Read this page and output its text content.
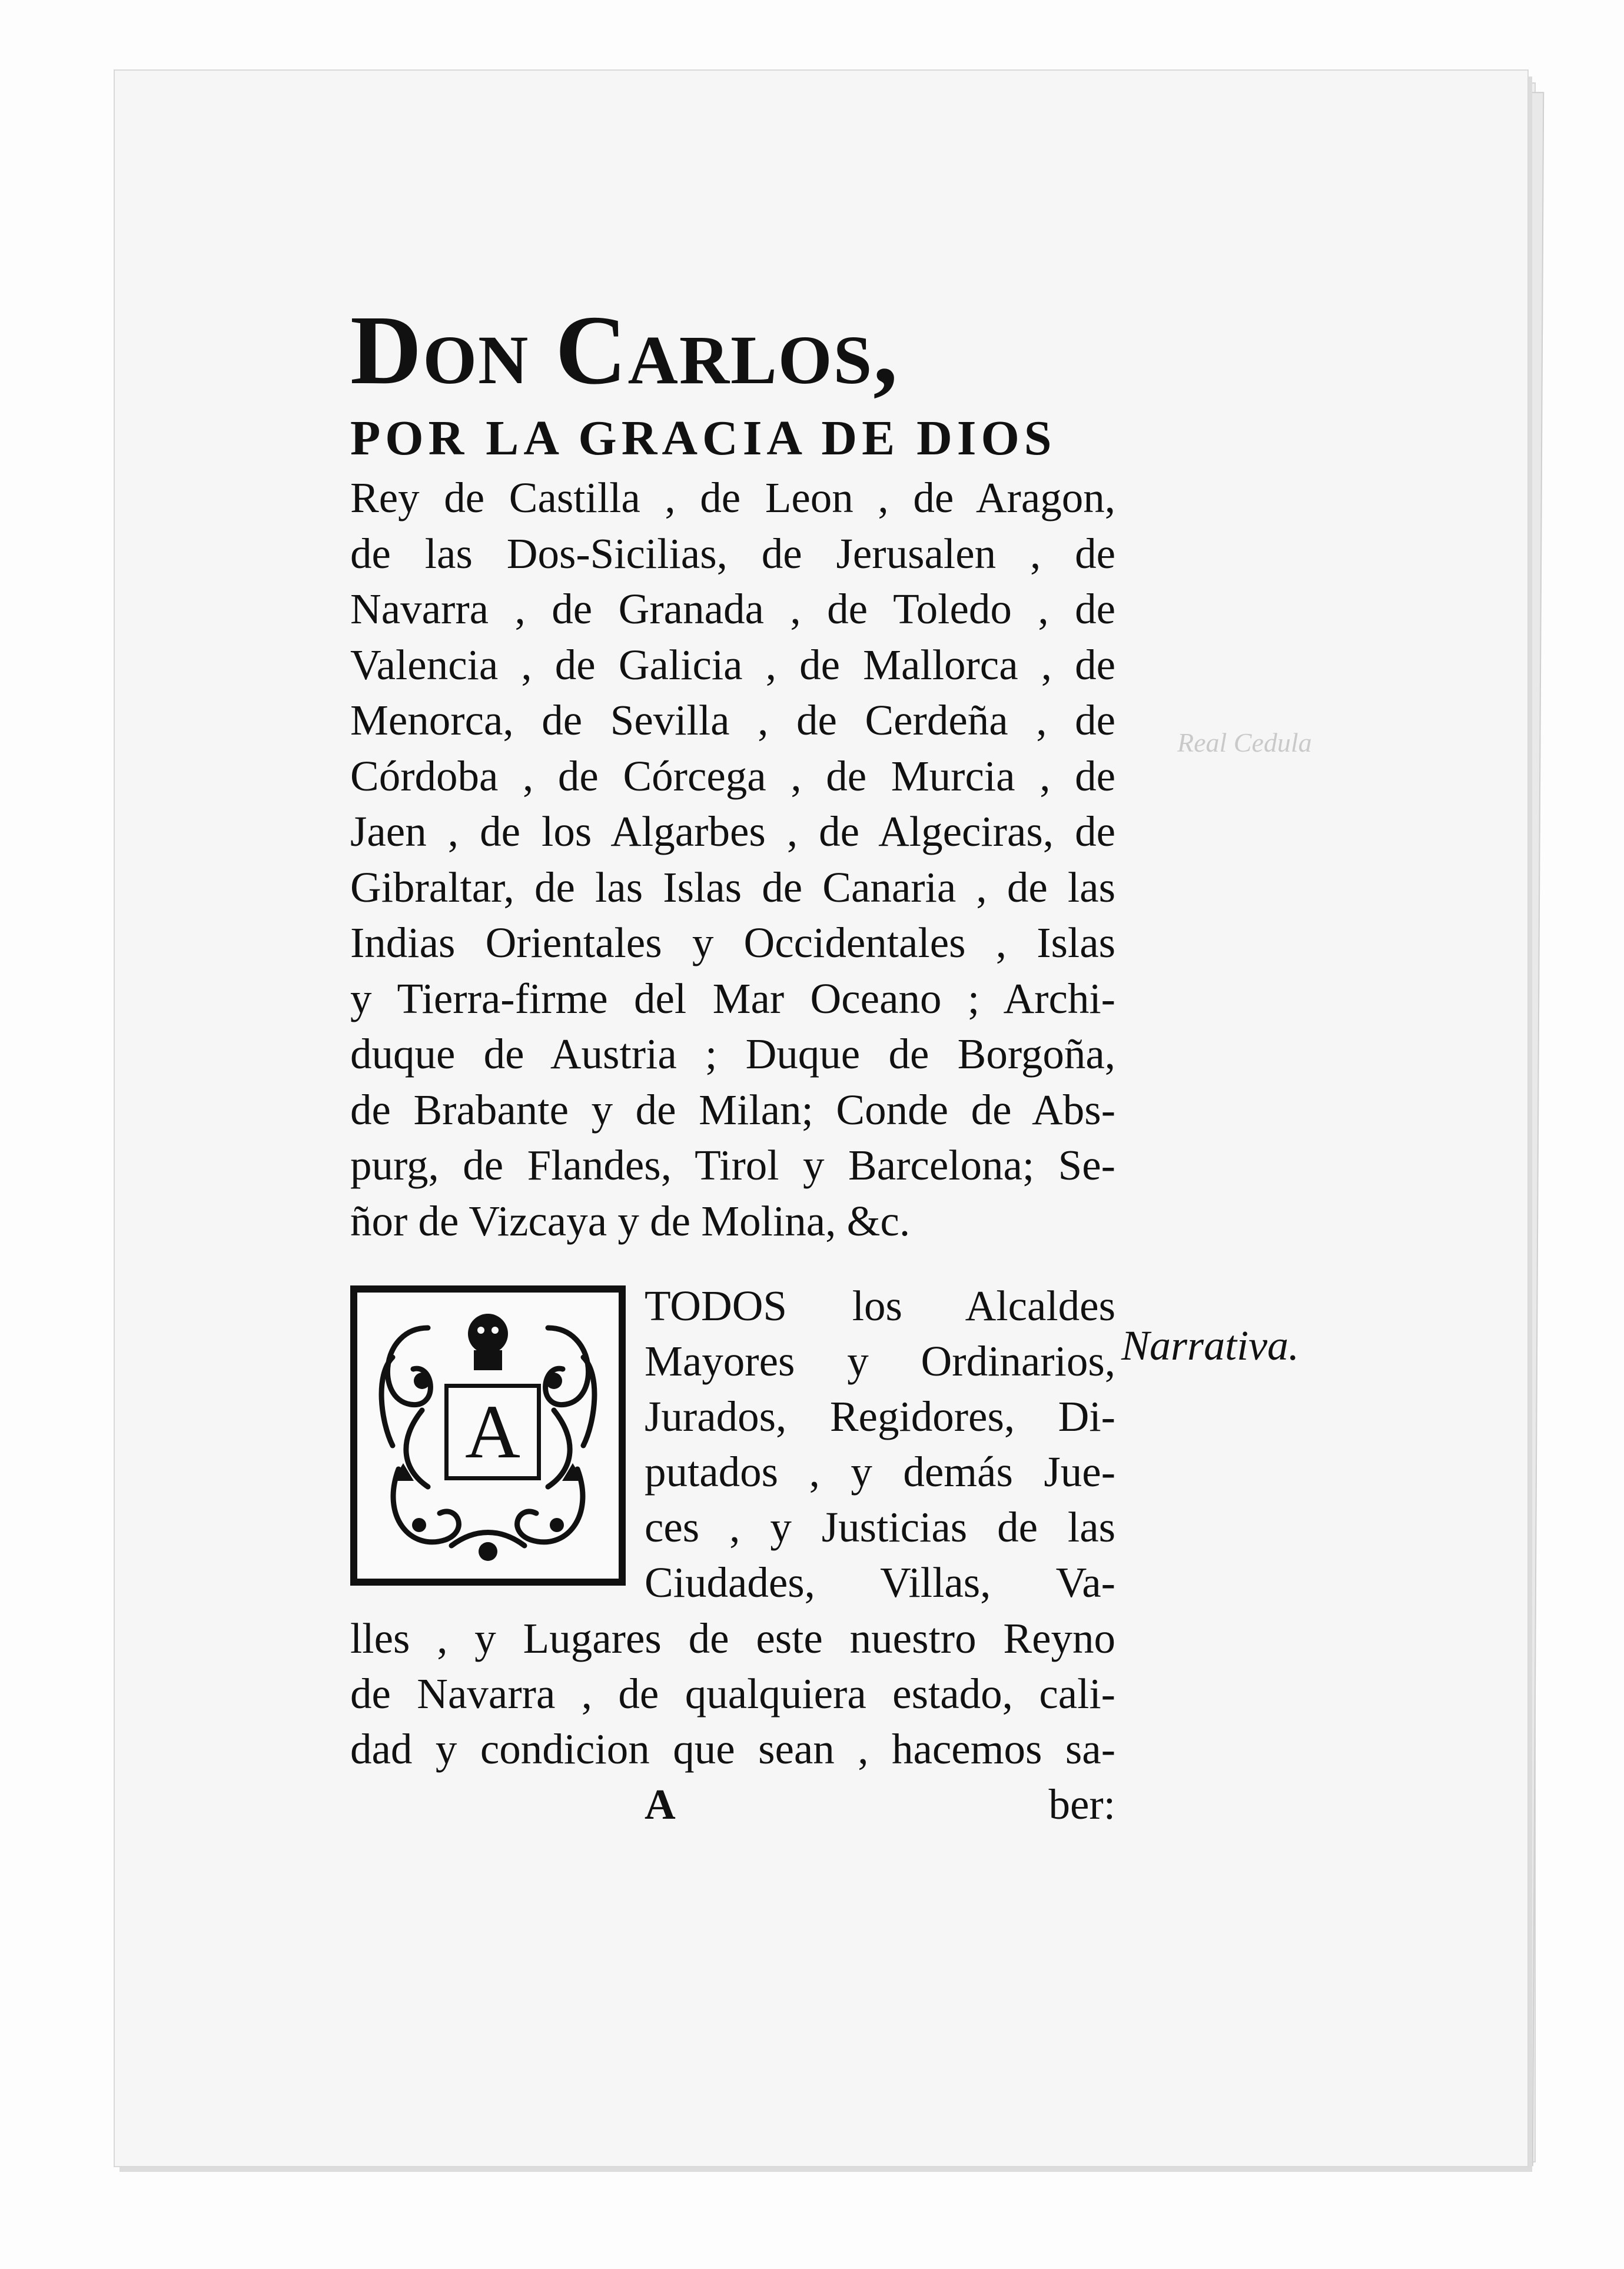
Real Cedula
Don Carlos,
POR LA GRACIA DE DIOS

Rey de Castilla , de Leon , de Aragon,
de las Dos-Sicilias, de Jerusalen , de
Navarra , de Granada , de Toledo , de
Valencia , de Galicia , de Mallorca , de
Menorca, de Sevilla , de Cerdeña , de
Córdoba , de Córcega , de Murcia , de
Jaen , de los Algarbes , de Algeciras, de
Gibraltar, de las Islas de Canaria , de las
Indias Orientales y Occidentales , Islas
y Tierra-firme del Mar Oceano ; Archi-
duque de Austria ; Duque de Borgoña,
de Brabante y de Milan; Conde de Abs-
purg, de Flandes, Tirol y Barcelona; Se-
ñor de Vizcaya y de Molina, &c.

A
TODOS los Alcaldes
Mayores y Ordinarios,
Jurados, Regidores, Di-
putados , y demás Jue-
ces , y Justicias de las
Ciudades, Villas, Va-
lles , y Lugares de este nuestro Reyno
de Navarra , de qualquiera estado, cali-
dad y condicion que sean , hacemos sa-
A	ber:
Narrativa.
